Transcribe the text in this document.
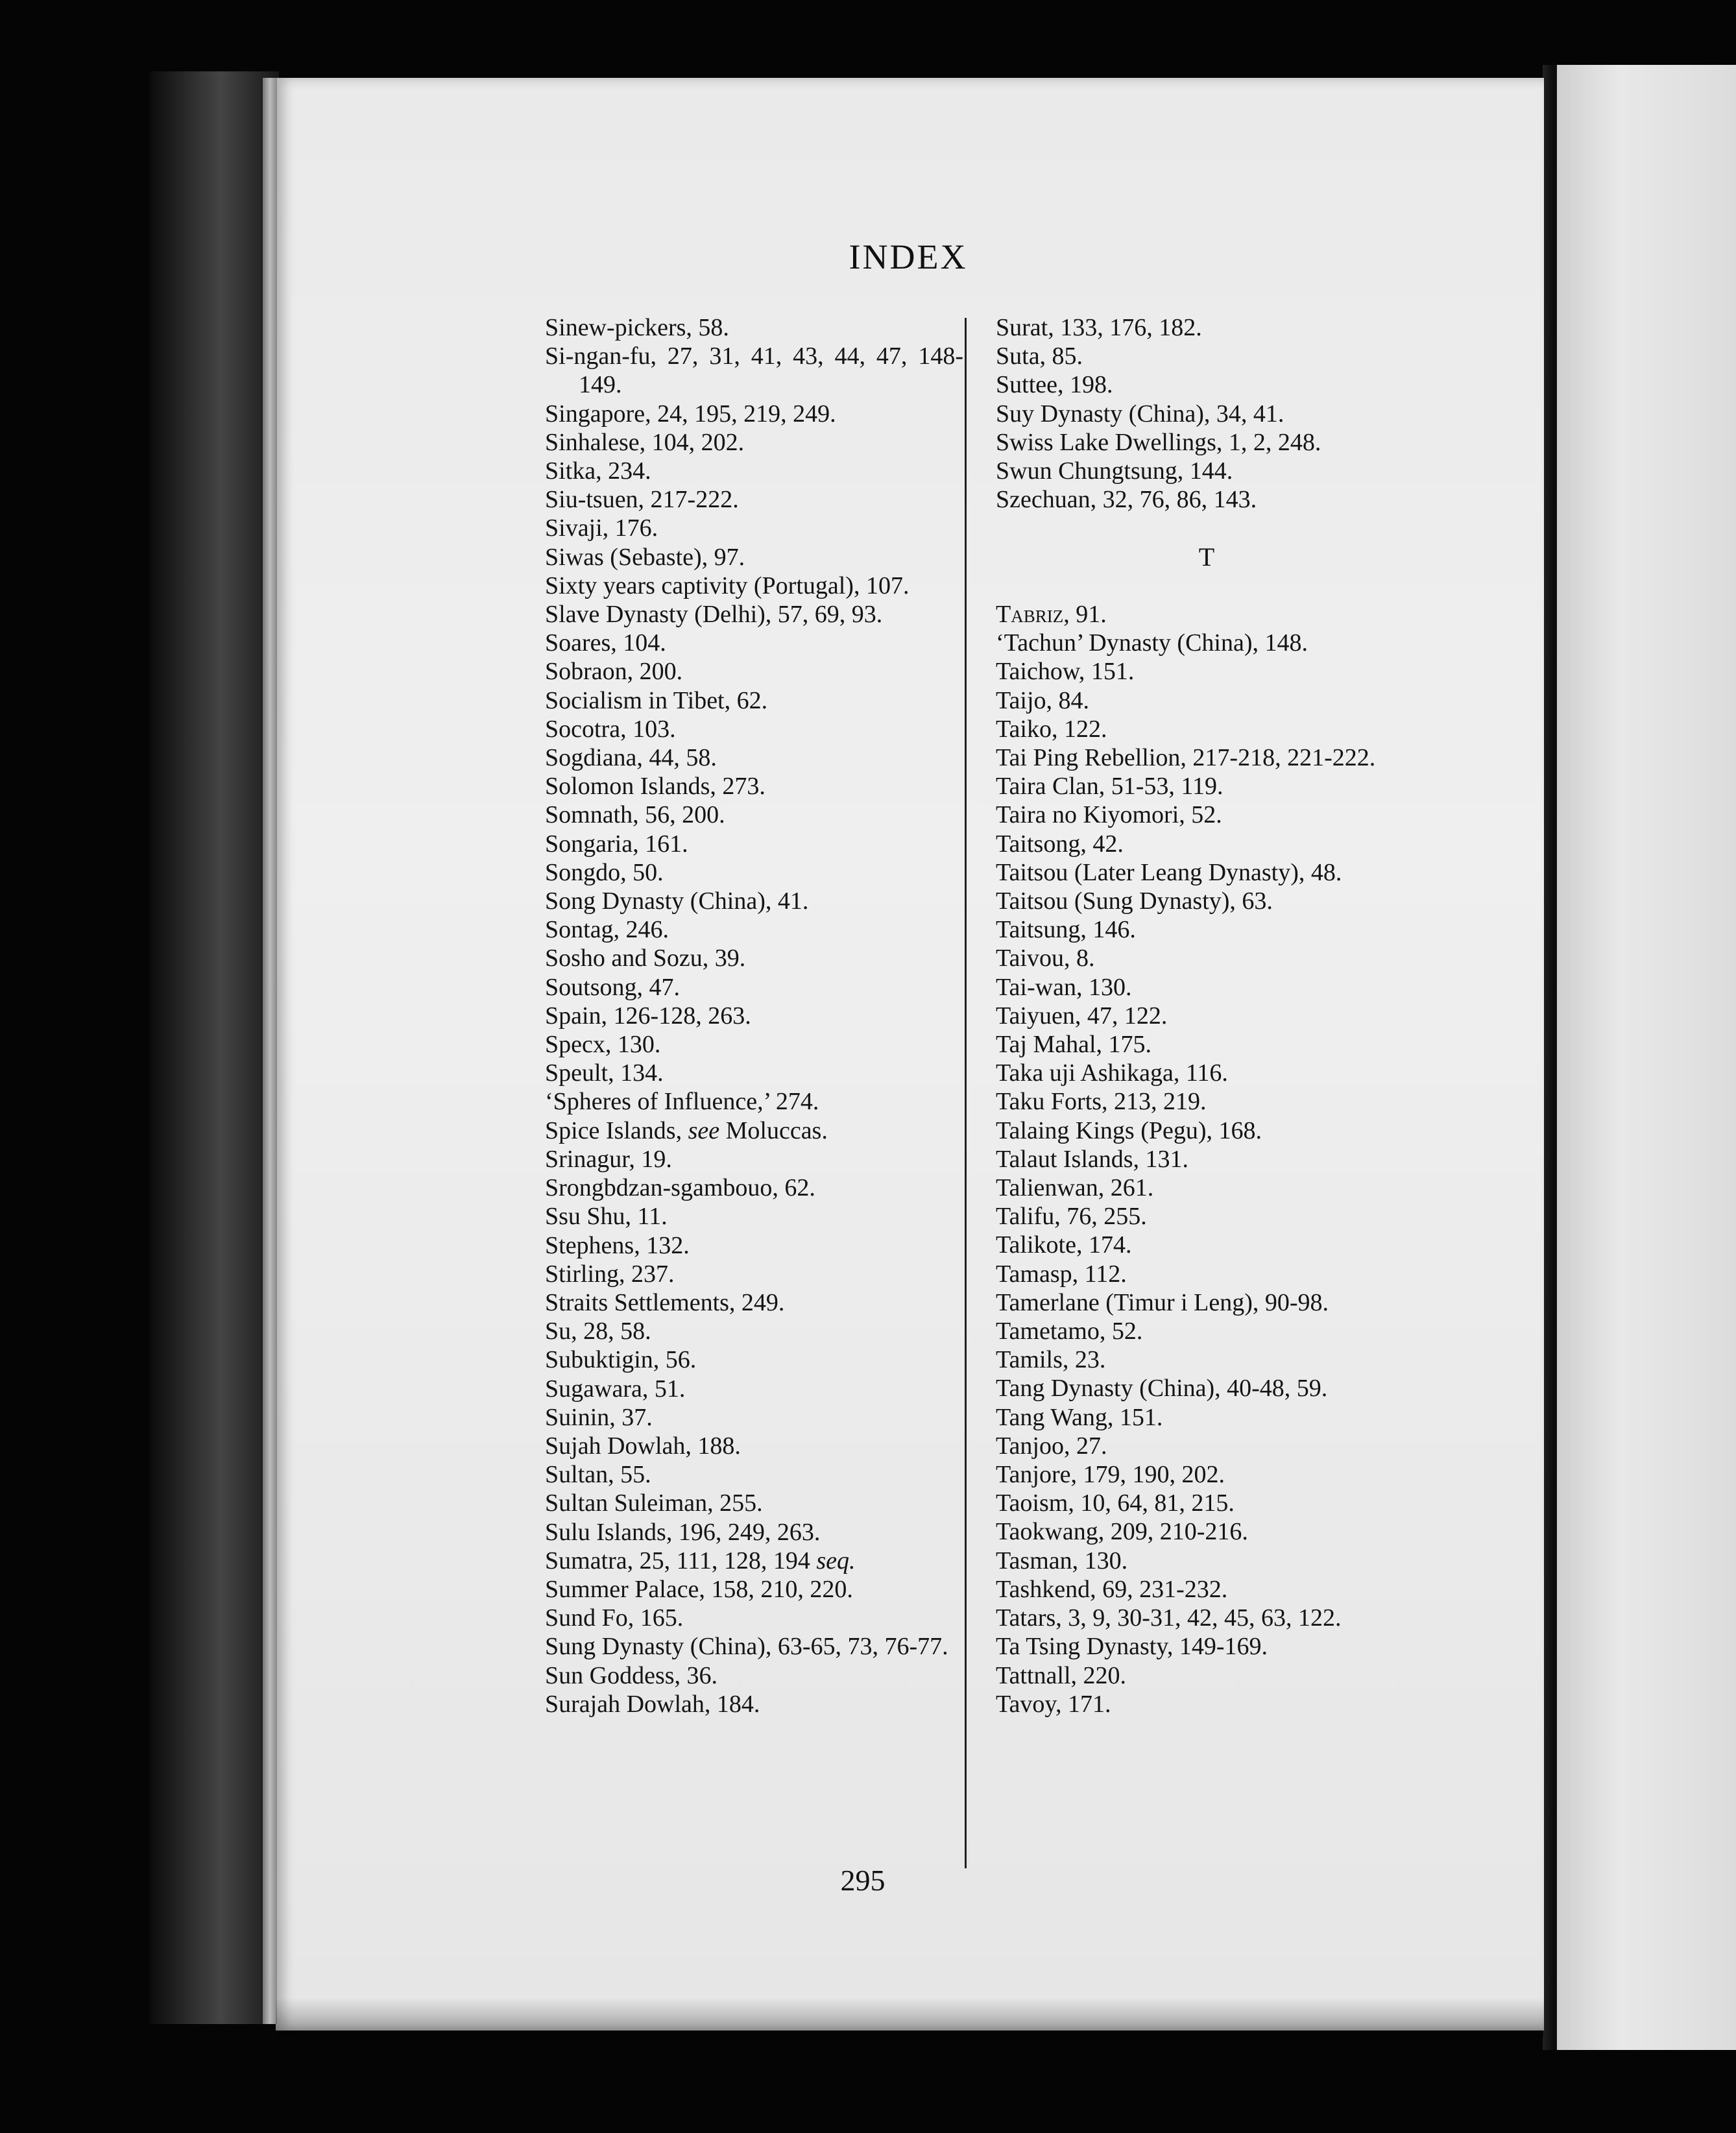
INDEX

Sinew-pickers, 58.

Si-ngan-fu, 27, 31, 41, 43, 44, 47, 148-149.

Singapore, 24, 195, 219, 249.

Sinhalese, 104, 202.

Sitka, 234.

Siu-tsuen, 217-222.

Sivaji, 176.

Siwas (Sebaste), 97.

Sixty years captivity (Portugal), 107.

Slave Dynasty (Delhi), 57, 69, 93.

Soares, 104.

Sobraon, 200.

Socialism in Tibet, 62.

Socotra, 103.

Sogdiana, 44, 58.

Solomon Islands, 273.

Somnath, 56, 200.

Songaria, 161.

Songdo, 50.

Song Dynasty (China), 41.

Sontag, 246.

Sosho and Sozu, 39.

Soutsong, 47.

Spain, 126-128, 263.

Specx, 130.

Speult, 134.

‘Spheres of Influence,’ 274.

Spice Islands, see Moluccas.

Srinagur, 19.

Srongbdzan-sgambouo, 62.

Ssu Shu, 11.

Stephens, 132.

Stirling, 237.

Straits Settlements, 249.

Su, 28, 58.

Subuktigin, 56.

Sugawara, 51.

Suinin, 37.

Sujah Dowlah, 188.

Sultan, 55.

Sultan Suleiman, 255.

Sulu Islands, 196, 249, 263.

Sumatra, 25, 111, 128, 194 seq.

Summer Palace, 158, 210, 220.

Sund Fo, 165.

Sung Dynasty (China), 63-65, 73, 76-77.

Sun Goddess, 36.

Surajah Dowlah, 184.

Surat, 133, 176, 182.

Suta, 85.

Suttee, 198.

Suy Dynasty (China), 34, 41.

Swiss Lake Dwellings, 1, 2, 248.

Swun Chungtsung, 144.

Szechuan, 32, 76, 86, 143.

T

Tabriz, 91.

‘Tachun’ Dynasty (China), 148.

Taichow, 151.

Taijo, 84.

Taiko, 122.

Tai Ping Rebellion, 217-218, 221-222.

Taira Clan, 51-53, 119.

Taira no Kiyomori, 52.

Taitsong, 42.

Taitsou (Later Leang Dynasty), 48.

Taitsou (Sung Dynasty), 63.

Taitsung, 146.

Taivou, 8.

Tai-wan, 130.

Taiyuen, 47, 122.

Taj Mahal, 175.

Taka uji Ashikaga, 116.

Taku Forts, 213, 219.

Talaing Kings (Pegu), 168.

Talaut Islands, 131.

Talienwan, 261.

Talifu, 76, 255.

Talikote, 174.

Tamasp, 112.

Tamerlane (Timur i Leng), 90-98.

Tametamo, 52.

Tamils, 23.

Tang Dynasty (China), 40-48, 59.

Tang Wang, 151.

Tanjoo, 27.

Tanjore, 179, 190, 202.

Taoism, 10, 64, 81, 215.

Taokwang, 209, 210-216.

Tasman, 130.

Tashkend, 69, 231-232.

Tatars, 3, 9, 30-31, 42, 45, 63, 122.

Ta Tsing Dynasty, 149-169.

Tattnall, 220.

Tavoy, 171.

295
